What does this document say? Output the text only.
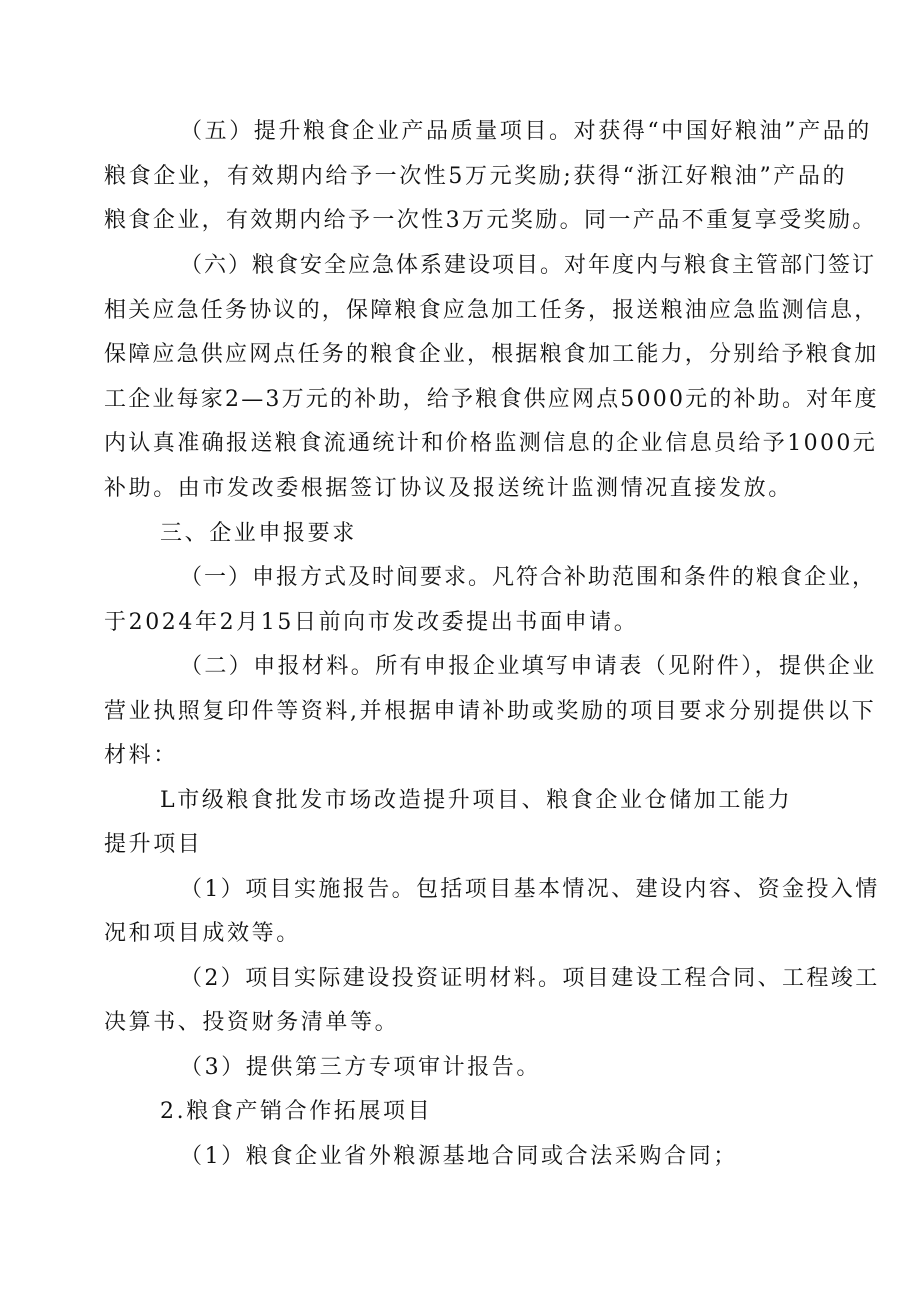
（五）提升粮食企业产品质量项目。对获得“中国好粮油”产品的
粮食企业，有效期内给予一次性5万元奖励;获得“浙江好粮油”产品的
粮食企业，有效期内给予一次性3万元奖励。同一产品不重复享受奖励。
（六）粮食安全应急体系建设项目。对年度内与粮食主管部门签订
相关应急任务协议的，保障粮食应急加工任务，报送粮油应急监测信息，
保障应急供应网点任务的粮食企业，根据粮食加工能力，分别给予粮食加
工企业每家2—3万元的补助，给予粮食供应网点5000元的补助。对年度
内认真准确报送粮食流通统计和价格监测信息的企业信息员给予1000元
补助。由市发改委根据签订协议及报送统计监测情况直接发放。
三、企业申报要求
（一）申报方式及时间要求。凡符合补助范围和条件的粮食企业，
于2024年2月15日前向市发改委提出书面申请。
（二）申报材料。所有申报企业填写申请表（见附件），提供企业
营业执照复印件等资料,并根据申请补助或奖励的项目要求分别提供以下
材料：
L市级粮食批发市场改造提升项目、粮食企业仓储加工能力
提升项目
（1）项目实施报告。包括项目基本情况、建设内容、资金投入情
况和项目成效等。
（2）项目实际建设投资证明材料。项目建设工程合同、工程竣工
决算书、投资财务清单等。
（3）提供第三方专项审计报告。
2.粮食产销合作拓展项目
（1）粮食企业省外粮源基地合同或合法采购合同；
